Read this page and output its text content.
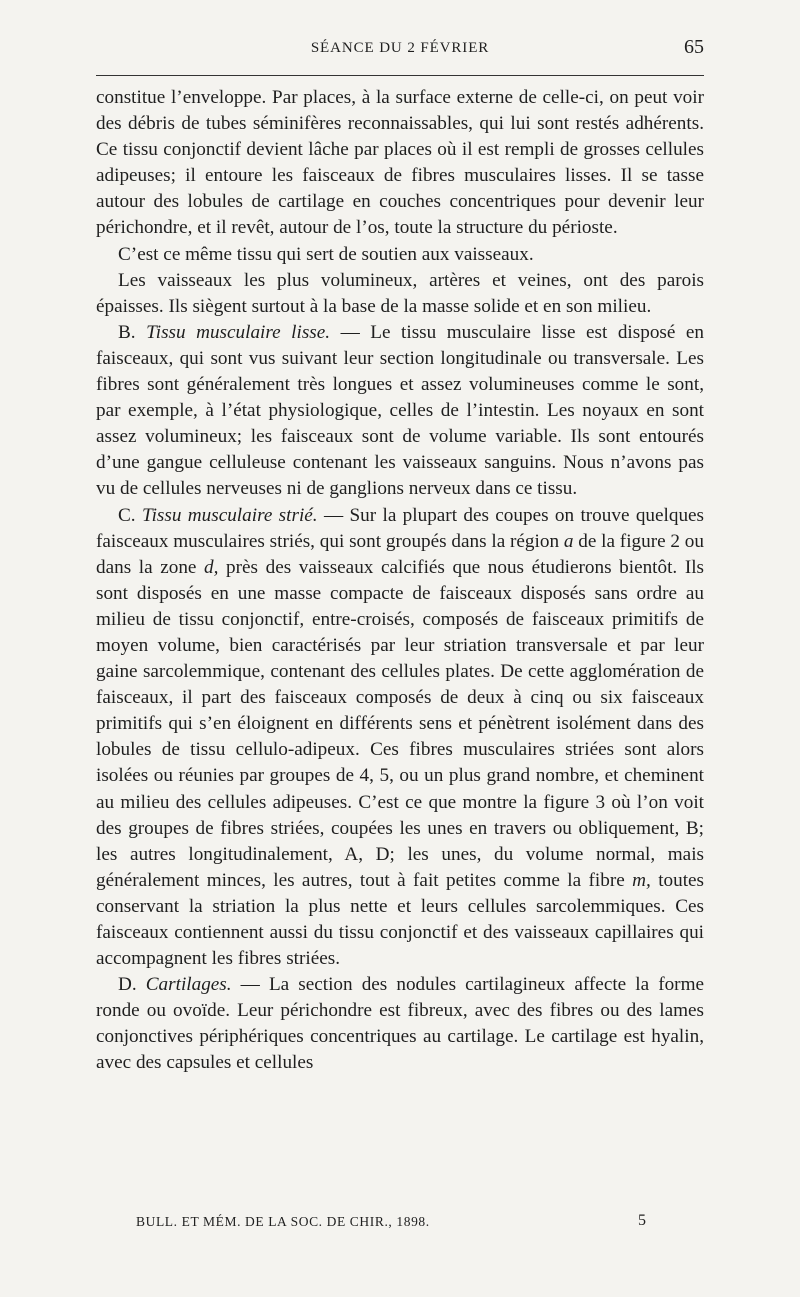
SÉANCE DU 2 FÉVRIER	65

constitue l’enveloppe. Par places, à la surface externe de celle-ci, on peut voir des débris de tubes séminifères reconnaissables, qui lui sont restés adhérents. Ce tissu conjonctif devient lâche par places où il est rempli de grosses cellules adipeuses; il entoure les faisceaux de fibres musculaires lisses. Il se tasse autour des lobules de cartilage en couches concentriques pour devenir leur périchondre, et il revêt, autour de l’os, toute la structure du périoste.

C’est ce même tissu qui sert de soutien aux vaisseaux.

Les vaisseaux les plus volumineux, artères et veines, ont des parois épaisses. Ils siègent surtout à la base de la masse solide et en son milieu.

B. Tissu musculaire lisse. — Le tissu musculaire lisse est disposé en faisceaux, qui sont vus suivant leur section longitudinale ou transversale. Les fibres sont généralement très longues et assez volumineuses comme le sont, par exemple, à l’état physiologique, celles de l’intestin. Les noyaux en sont assez volumineux; les faisceaux sont de volume variable. Ils sont entourés d’une gangue celluleuse contenant les vaisseaux sanguins. Nous n’avons pas vu de cellules nerveuses ni de ganglions nerveux dans ce tissu.

C. Tissu musculaire strié. — Sur la plupart des coupes on trouve quelques faisceaux musculaires striés, qui sont groupés dans la région a de la figure 2 ou dans la zone d, près des vaisseaux calcifiés que nous étudierons bientôt. Ils sont disposés en une masse compacte de faisceaux disposés sans ordre au milieu de tissu conjonctif, entre-croisés, composés de faisceaux primitifs de moyen volume, bien caractérisés par leur striation transversale et par leur gaine sarcolemmique, contenant des cellules plates. De cette agglomération de faisceaux, il part des faisceaux composés de deux à cinq ou six faisceaux primitifs qui s’en éloignent en différents sens et pénètrent isolément dans des lobules de tissu cellulo-adipeux. Ces fibres musculaires striées sont alors isolées ou réunies par groupes de 4, 5, ou un plus grand nombre, et cheminent au milieu des cellules adipeuses. C’est ce que montre la figure 3 où l’on voit des groupes de fibres striées, coupées les unes en travers ou obliquement, B; les autres longitudinalement, A, D; les unes, du volume normal, mais généralement minces, les autres, tout à fait petites comme la fibre m, toutes conservant la striation la plus nette et leurs cellules sarcolemmiques. Ces faisceaux contiennent aussi du tissu conjonctif et des vaisseaux capillaires qui accompagnent les fibres striées.

D. Cartilages. — La section des nodules cartilagineux affecte la forme ronde ou ovoïde. Leur périchondre est fibreux, avec des fibres ou des lames conjonctives périphériques concentriques au cartilage. Le cartilage est hyalin, avec des capsules et cellules

BULL. ET MÉM. DE LA SOC. DE CHIR., 1898.	5
